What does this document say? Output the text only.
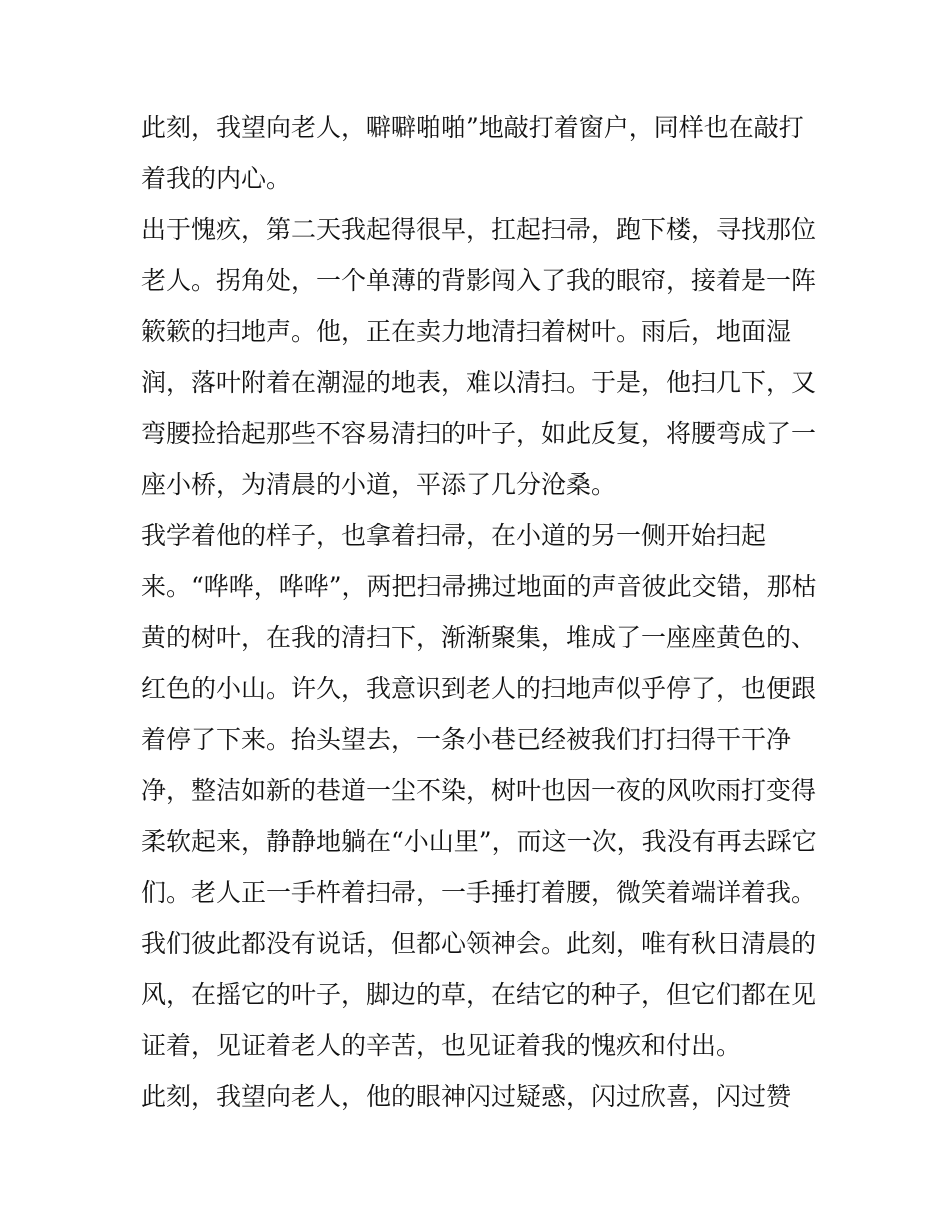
此刻，我望向老人，噼噼啪啪”地敲打着窗户，同样也在敲打
着我的内心。
出于愧疚，第二天我起得很早，扛起扫帚，跑下楼，寻找那位
老人。拐角处，一个单薄的背影闯入了我的眼帘，接着是一阵
簌簌的扫地声。他，正在卖力地清扫着树叶。雨后，地面湿
润，落叶附着在潮湿的地表，难以清扫。于是，他扫几下，又
弯腰捡拾起那些不容易清扫的叶子，如此反复，将腰弯成了一
座小桥，为清晨的小道，平添了几分沧桑。
我学着他的样子，也拿着扫帚，在小道的另一侧开始扫起
来。“哗哗，哗哗”，两把扫帚拂过地面的声音彼此交错，那枯
黄的树叶，在我的清扫下，渐渐聚集，堆成了一座座黄色的、
红色的小山。许久，我意识到老人的扫地声似乎停了，也便跟
着停了下来。抬头望去，一条小巷已经被我们打扫得干干净
净，整洁如新的巷道一尘不染，树叶也因一夜的风吹雨打变得
柔软起来，静静地躺在“小山里”，而这一次，我没有再去踩它
们。老人正一手杵着扫帚，一手捶打着腰，微笑着端详着我。
我们彼此都没有说话，但都心领神会。此刻，唯有秋日清晨的
风，在摇它的叶子，脚边的草，在结它的种子，但它们都在见
证着，见证着老人的辛苦，也见证着我的愧疚和付出。
此刻，我望向老人，他的眼神闪过疑惑，闪过欣喜，闪过赞
